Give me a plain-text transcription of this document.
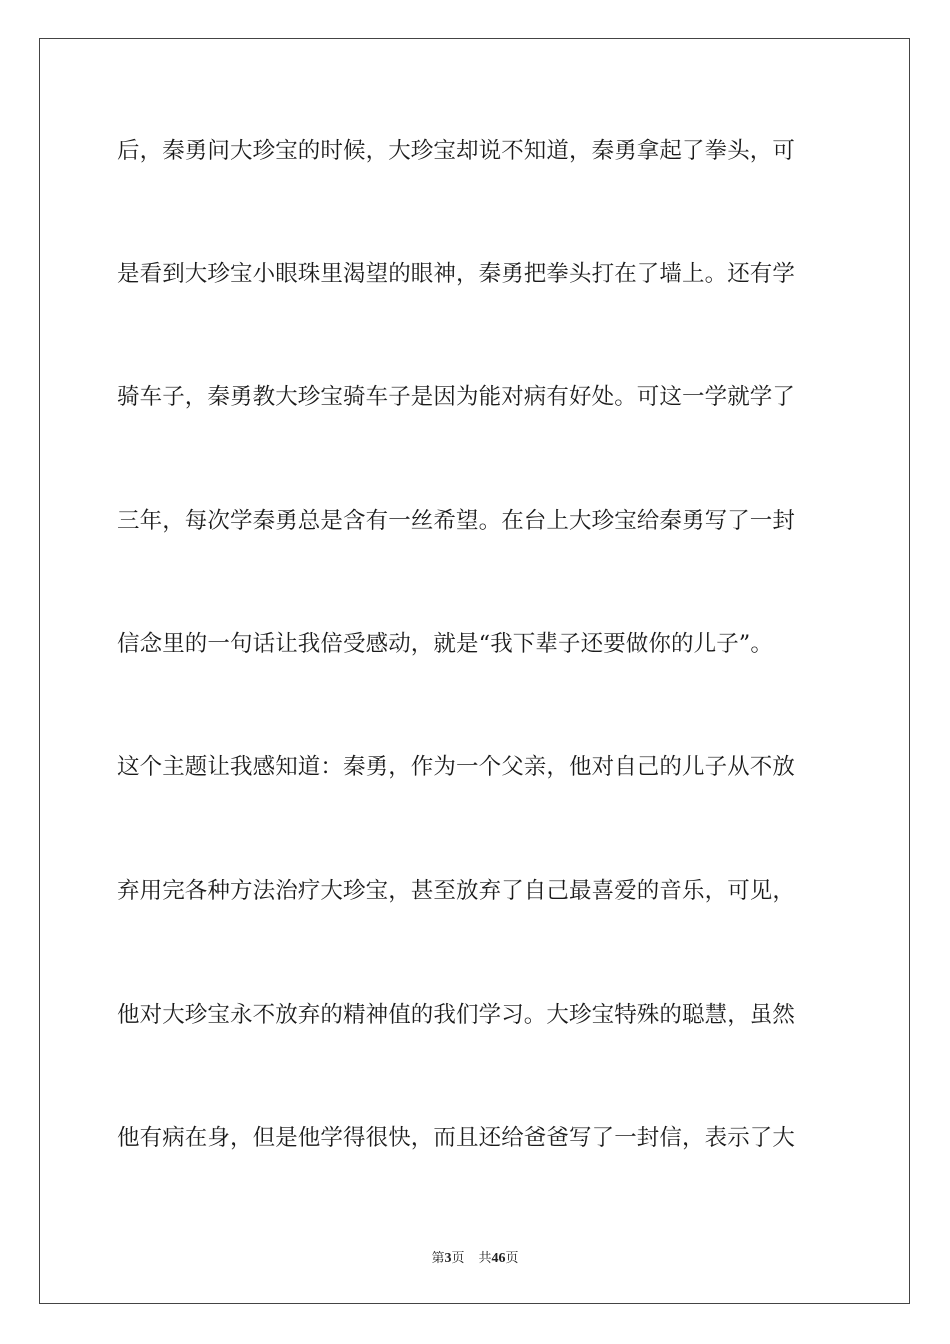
后，秦勇问大珍宝的时候，大珍宝却说不知道，秦勇拿起了拳头，可
是看到大珍宝小眼珠里渴望的眼神，秦勇把拳头打在了墙上。还有学
骑车子，秦勇教大珍宝骑车子是因为能对病有好处。可这一学就学了
三年，每次学秦勇总是含有一丝希望。在台上大珍宝给秦勇写了一封
信念里的一句话让我倍受感动，就是“我下辈子还要做你的儿子”。
这个主题让我感知道：秦勇，作为一个父亲，他对自己的儿子从不放
弃用完各种方法治疗大珍宝，甚至放弃了自己最喜爱的音乐，可见，
他对大珍宝永不放弃的精神值的我们学习。大珍宝特殊的聪慧，虽然
他有病在身，但是他学得很快，而且还给爸爸写了一封信，表示了大
第3页 共46页
